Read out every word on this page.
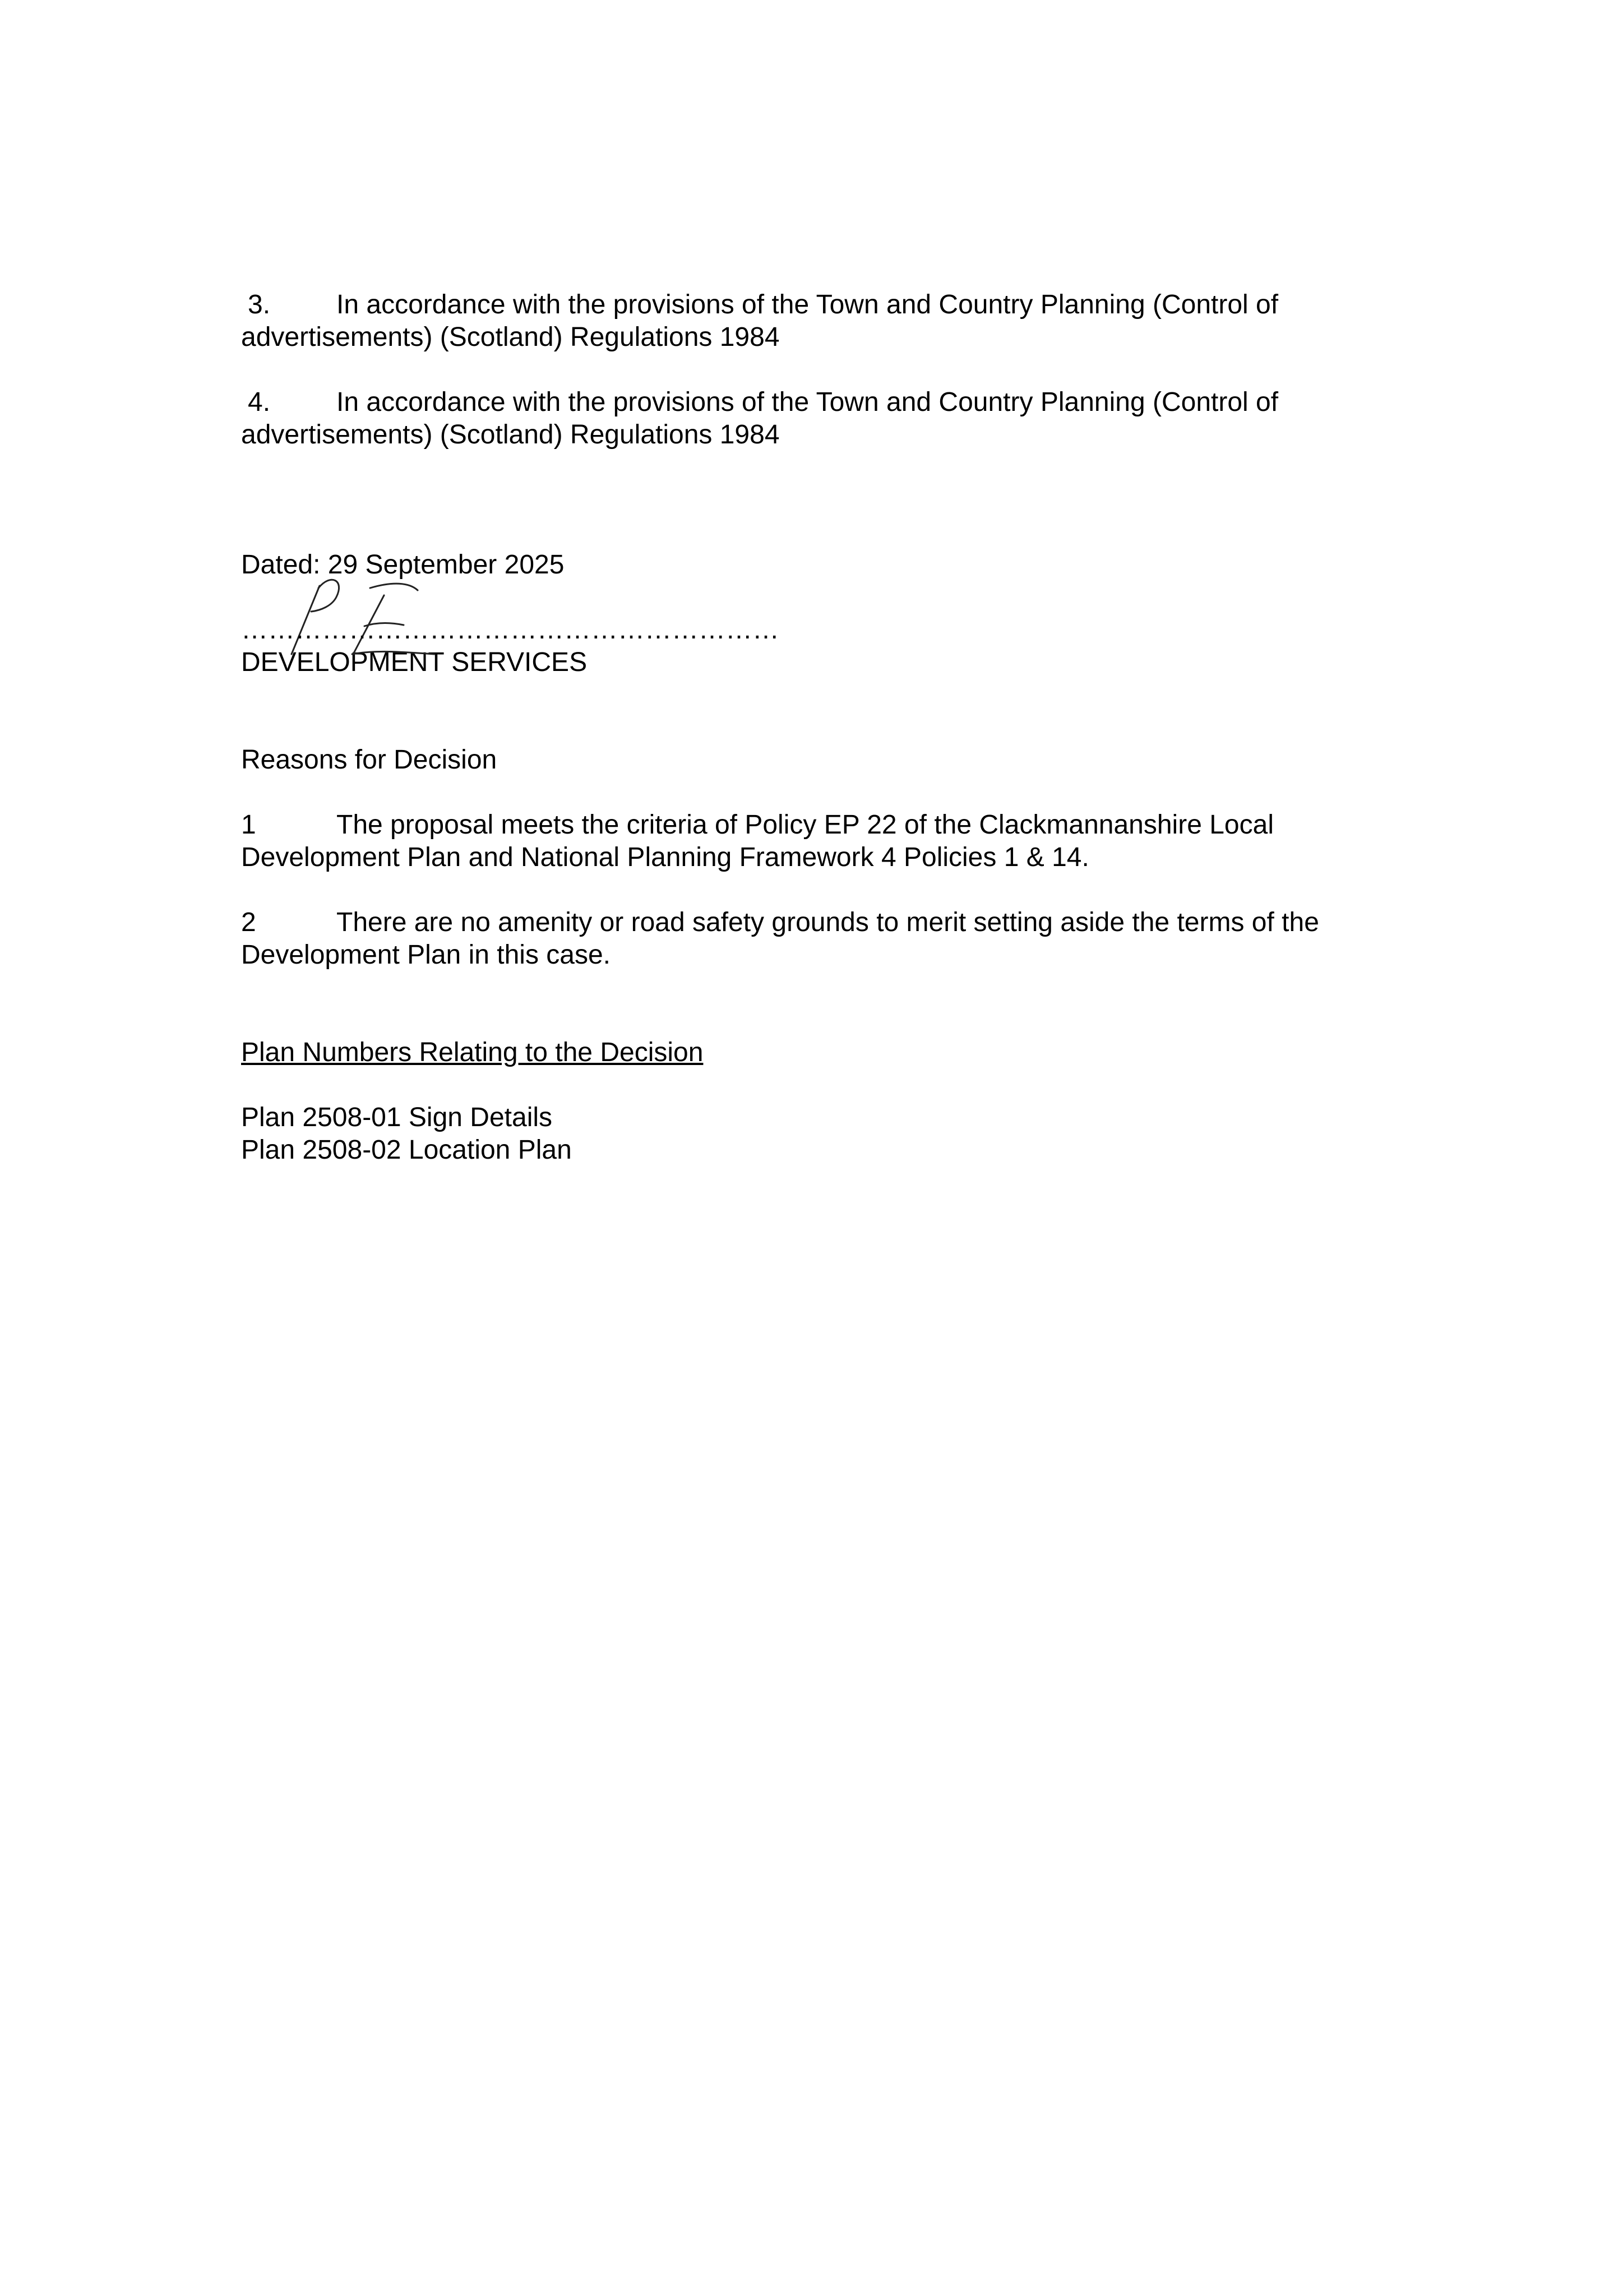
3. In accordance with the provisions of the Town and Country Planning (Control of
advertisements) (Scotland) Regulations 1984
4. In accordance with the provisions of the Town and Country Planning (Control of
advertisements) (Scotland) Regulations 1984
Dated: 29 September 2025
……………………………………………………
DEVELOPMENT SERVICES
Reasons for Decision
1	The proposal meets the criteria of Policy EP 22 of the Clackmannanshire Local
Development Plan and National Planning Framework 4 Policies 1 & 14.
2	There are no amenity or road safety grounds to merit setting aside the terms of the
Development Plan in this case.
Plan Numbers Relating to the Decision
Plan 2508-01 Sign Details
Plan 2508-02 Location Plan
